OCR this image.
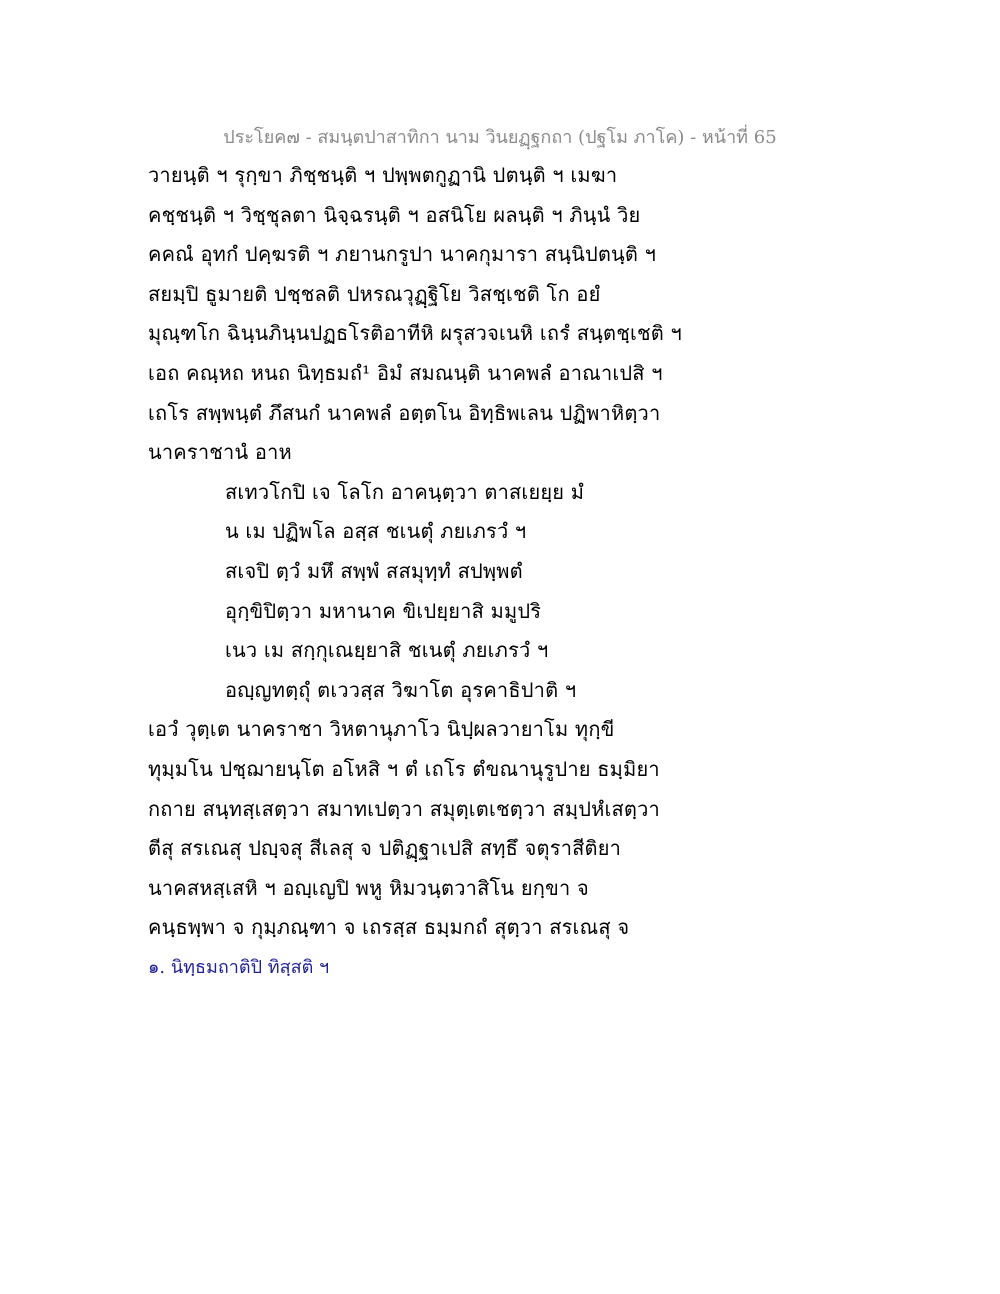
ประโยค๗ - สมนฺตปาสาทิกา นาม วินยฏฺฐกถา (ปฐโม ภาโค) - หน้าที่ 65
วายนฺติ ฯ รุกฺขา ภิชฺชนฺติ ฯ ปพฺพตกูฏานิ ปตนฺติ ฯ เมฆา
คชฺชนฺติ ฯ วิชฺชุลตา นิจฺฉรนฺติ ฯ อสนิโย ผลนฺติ ฯ ภินฺนํ วิย
คคณํ อุทกํ ปคฺฆรติ ฯ ภยานกรูปา นาคกุมารา สนฺนิปตนฺติ ฯ
สยมฺปิ ธูมายติ ปชฺชลติ ปหรณวุฏฺฐิโย วิสชฺเชติ โก อยํ
มุณฺฑโก ฉินฺนภินฺนปฏธโรติอาทีหิ ผรุสวจเนหิ เถรํ สนฺตชฺเชติ ฯ
เอถ คณฺหถ หนถ นิทฺธมถํ¹ อิมํ สมณนฺติ นาคพลํ อาณาเปสิ ฯ
เถโร สพฺพนฺตํ ภึสนกํ นาคพลํ อตฺตโน อิทฺธิพเลน ปฏิพาหิตฺวา
นาคราชานํ อาห
สเทวโกปิ เจ โลโก อาคนฺตฺวา ตาสเยยฺย มํ
น เม ปฏิพโล อสฺส ชเนตุํ ภยเภรวํ ฯ
สเจปิ ตฺวํ มหึ สพฺพํ สสมุทฺทํ สปพฺพตํ
อุกฺขิปิตฺวา มหานาค ขิเปยฺยาสิ มมูปริ
เนว เม สกฺกุเณยฺยาสิ ชเนตุํ ภยเภรวํ ฯ
อญฺญทตฺถุํ ตเววสฺส วิฆาโต อุรคาธิปาติ ฯ
เอวํ วุตฺเต นาคราชา วิหตานุภาโว นิปฺผลวายาโม ทุกฺขี
ทุมฺมโน ปชฺฌายนฺโต อโหสิ ฯ ตํ เถโร ตํขณานุรูปาย ธมฺมิยา
กถาย สนฺทสฺเสตฺวา สมาทเปตฺวา สมุตฺเตเชตฺวา สมฺปหํเสตฺวา
ตีสุ สรเณสุ ปญฺจสุ สีเลสุ จ ปติฏฺฐาเปสิ สทฺธึ จตุราสีติยา
นาคสหสฺเสหิ ฯ อญฺเญปิ พหู หิมวนฺตวาสิโน ยกฺขา จ
คนฺธพฺพา จ กุมฺภณฺฑา จ เถรสฺส ธมฺมกถํ สุตฺวา สรเณสุ จ
๑. นิทฺธมถาติปิ ทิสฺสติ ฯ
